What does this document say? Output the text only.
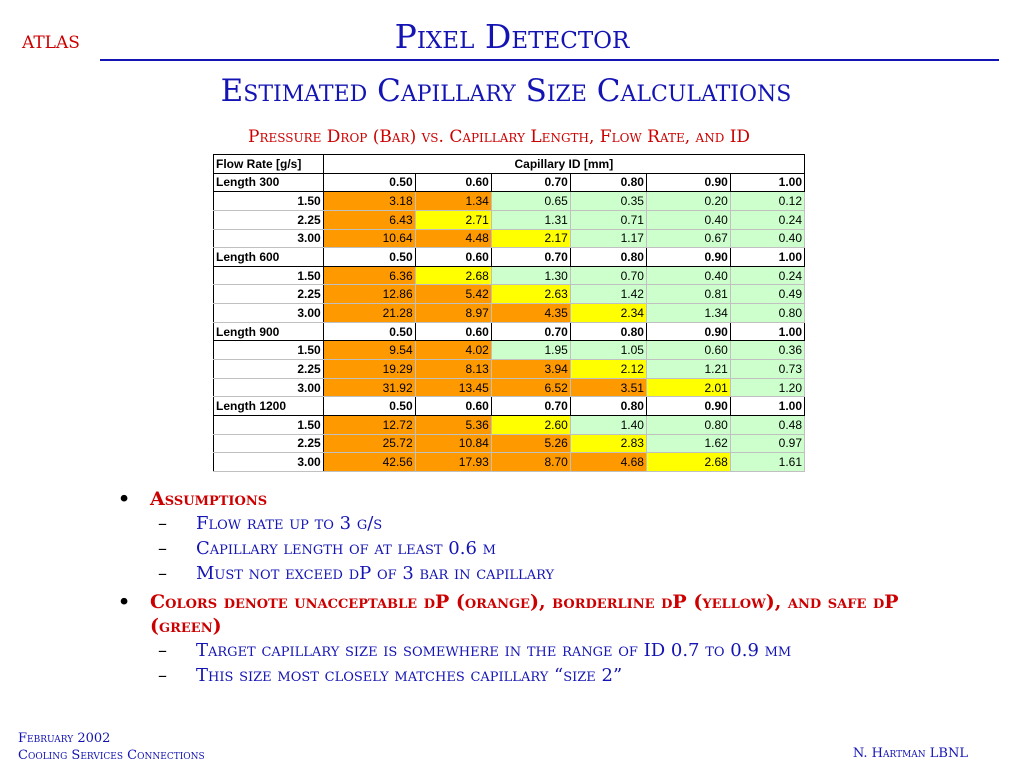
ATLAS	Pixel Detector
Estimated Capillary Size Calculations
Pressure Drop (Bar) vs. Capillary Length, Flow Rate, and ID
Flow Rate [g/s]	Capillary ID [mm]					
Length 300	0.50	0.60	0.70	0.80	0.90	1.00
1.50	3.18	1.34	0.65	0.35	0.20	0.12
2.25	6.43	2.71	1.31	0.71	0.40	0.24
3.00	10.64	4.48	2.17	1.17	0.67	0.40
Length 600	0.50	0.60	0.70	0.80	0.90	1.00
1.50	6.36	2.68	1.30	0.70	0.40	0.24
2.25	12.86	5.42	2.63	1.42	0.81	0.49
3.00	21.28	8.97	4.35	2.34	1.34	0.80
Length 900	0.50	0.60	0.70	0.80	0.90	1.00
1.50	9.54	4.02	1.95	1.05	0.60	0.36
2.25	19.29	8.13	3.94	2.12	1.21	0.73
3.00	31.92	13.45	6.52	3.51	2.01	1.20
Length 1200	0.50	0.60	0.70	0.80	0.90	1.00
1.50	12.72	5.36	2.60	1.40	0.80	0.48
2.25	25.72	10.84	5.26	2.83	1.62	0.97
3.00	42.56	17.93	8.70	4.68	2.68	1.61
• Assumptions
– Flow rate up to 3 g/s
– Capillary length of at least 0.6 m
– Must not exceed dP of 3 bar in capillary
• Colors denote unacceptable dP (orange), borderline dP (yellow), and safe dP (green)
– Target capillary size is somewhere in the range of ID 0.7 to 0.9 mm
– This size most closely matches capillary “size 2”
February 2002
Cooling Services Connections	N. Hartman LBNL
